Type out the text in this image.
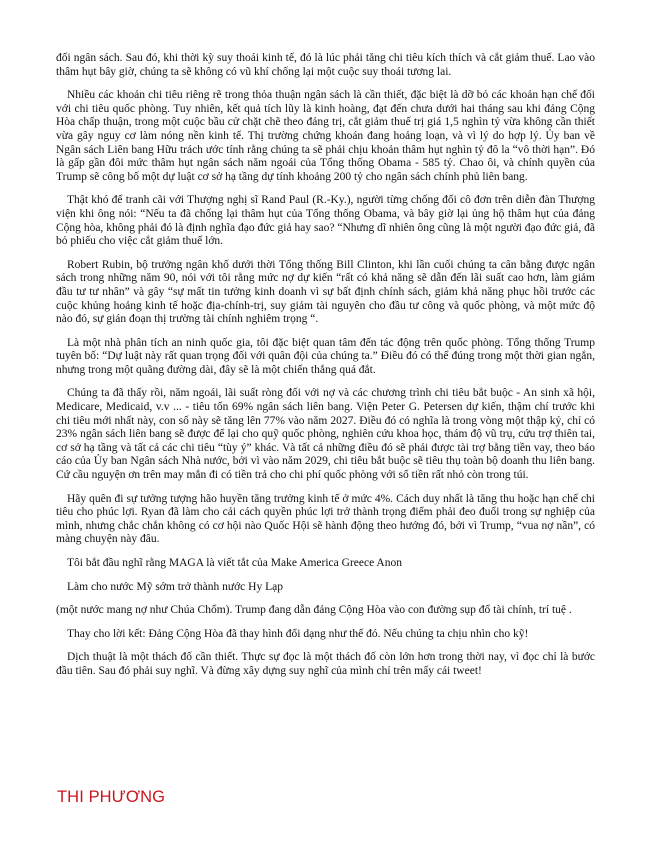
đối ngân sách. Sau đó, khi thời kỳ suy thoái kinh tế, đó là lúc phải tăng chi tiêu kích thích và cắt giảm thuế. Lao vào thâm hụt bây giờ, chúng ta sẽ không có vũ khí chống lại một cuộc suy thoái tương lai.

Nhiều các khoản chi tiêu riêng rẽ trong thỏa thuận ngân sách là cần thiết, đặc biệt là dỡ bỏ các khoản hạn chế đối với chi tiêu quốc phòng. Tuy nhiên, kết quả tích lũy là kinh hoàng, đạt đến chưa dưới hai tháng sau khi đảng Cộng Hòa chấp thuận, trong một cuộc bầu cử chặt chẽ theo đảng trị, cắt giảm thuế trị giá 1,5 nghìn tỷ vừa không cần thiết vừa gây nguy cơ làm nóng nền kinh tế. Thị trường chứng khoán đang hoảng loạn, và vì lý do hợp lý. Ủy ban về Ngân sách Liên bang Hữu trách ước tính rằng chúng ta sẽ phải chịu khoản thâm hụt nghìn tỷ đô la “vô thời hạn”. Đó là gấp gần đôi mức thâm hụt ngân sách năm ngoái của Tổng thống Obama - 585 tỷ. Chao ôi, và chính quyền của Trump sẽ công bố một dự luật cơ sở hạ tầng dự tính khoảng 200 tỷ cho ngân sách chính phủ liên bang.

Thật khó để tranh cãi với Thượng nghị sĩ Rand Paul (R.-Ky.), người từng chống đối cô đơn trên diễn đàn Thượng viện khi ông nói: “Nếu ta đã chống lại thâm hụt của Tổng thống Obama, và bây giờ lại ủng hộ thâm hụt của đảng Cộng hòa, không phải đó là định nghĩa đạo đức giả hay sao? “Nhưng dĩ nhiên ông cũng là một người đạo đức giả, đã bỏ phiếu cho việc cắt giảm thuế lớn.

Robert Rubin, bộ trưởng ngân khố dưới thời Tổng thống Bill Clinton, khi lần cuối chúng ta cân bằng được ngân sách trong những năm 90, nói với tôi rằng mức nợ dự kiến “rất có khả năng sẽ dẫn đến lãi suất cao hơn, làm giảm đầu tư tư nhân” và gây “sự mất tin tưởng kinh doanh vì sự bất định chính sách, giảm khả năng phục hồi trước các cuộc khủng hoảng kinh tế hoặc địa-chính-trị, suy giảm tài nguyên cho đầu tư công và quốc phòng, và một mức độ nào đó, sự gián đoạn thị trường tài chính nghiêm trọng “.

Là một nhà phân tích an ninh quốc gia, tôi đặc biệt quan tâm đến tác động trên quốc phòng. Tổng thống Trump tuyên bố: “Dự luật này rất quan trọng đối với quân đội của chúng ta.” Điều đó có thể đúng trong một thời gian ngắn, nhưng trong một quãng đường dài, đây sẽ là một chiến thắng quá đắt.

Chúng ta đã thấy rồi, năm ngoái, lãi suất ròng đối với nợ và các chương trình chi tiêu bắt buộc - An sinh xã hội, Medicare, Medicaid, v.v ... - tiêu tốn 69% ngân sách liên bang. Viện Peter G. Petersen dự kiến, thậm chí trước khi chi tiêu mới nhất này, con số này sẽ tăng lên 77% vào năm 2027. Điều đó có nghĩa là trong vòng một thập kỷ, chỉ có 23% ngân sách liên bang sẽ được để lại cho quỹ quốc phòng, nghiên cứu khoa học, thám độ vũ trụ, cứu trợ thiên tai, cơ sở hạ tầng và tất cả các chi tiêu “tùy ý” khác. Và tất cả những điều đó sẽ phải được tài trợ bằng tiền vay, theo báo cáo của Ủy ban Ngân sách Nhà nước, bởi vì vào năm 2029, chi tiêu bắt buộc sẽ tiêu thụ toàn bộ doanh thu liên bang. Cứ cầu nguyện ơn trên may mắn đi có tiền trả cho chi phí quốc phòng với số tiền rất nhỏ còn trong túi.

Hãy quên đi sự tưởng tượng hão huyền tăng trưởng kinh tế ở mức 4%. Cách duy nhất là tăng thu hoặc hạn chế chi tiêu cho phúc lợi. Ryan đã làm cho cải cách quyền phúc lợi trở thành trọng điểm phải đeo đuổi trong sự nghiệp của mình, nhưng chắc chắn không có cơ hội nào Quốc Hội sẽ hành động theo hướng đó, bởi vì Trump, “vua nợ nần”, có màng chuyện này đâu.

Tôi bắt đầu nghĩ rằng MAGA là viết tắt của Make America Greece Anon

Làm cho nước Mỹ sớm trở thành nước Hy Lạp

(một nước mang nợ như Chúa Chổm). Trump đang dẫn đảng Cộng Hòa vào con đường sụp đổ tài chính, trí tuệ .

Thay cho lời kết: Đảng Cộng Hòa đã thay hình đổi dạng như thế đó. Nếu chúng ta chịu nhìn cho kỹ!

Dịch thuật là một thách đố cần thiết. Thực sự đọc là một thách đố còn lớn hơn trong thời nay, vì đọc chỉ là bước đầu tiên. Sau đó phải suy nghĩ. Và đừng xây dựng suy nghĩ của mình chỉ trên mấy cái tweet!

THI PHƯƠNG
